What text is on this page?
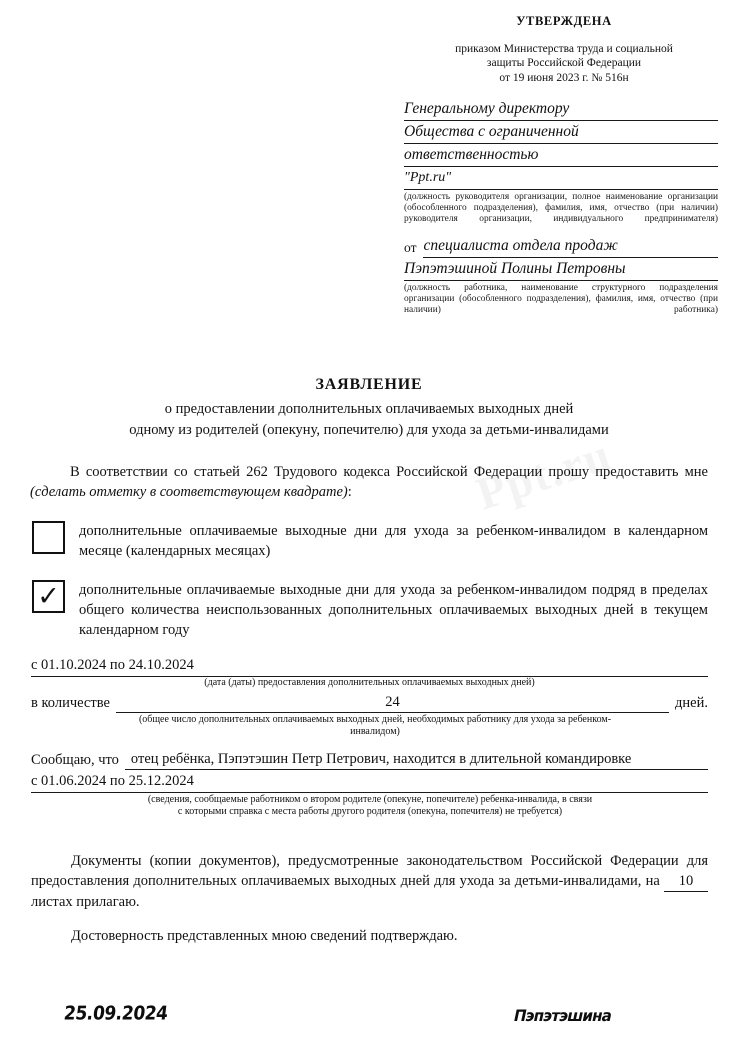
Ppt.ru
УТВЕРЖДЕНА
приказом Министерства труда и социальной
защиты Российской Федерации
от 19 июня 2023 г. № 516н
Генеральному директору
Общества с ограниченной
ответственностью
"Ppt.ru"
(должность руководителя организации, полное наименование организации (обособленного подразделения), фамилия, имя, отчество (при наличии) руководителя организации, индивидуального предпринимателя)
от специалиста отдела продаж
Пэпэтэшиной Полины Петровны
(должность работника, наименование структурного подразделения организации (обособленного подразделения), фамилия, имя, отчество (при наличии) работника)
ЗАЯВЛЕНИЕ
о предоставлении дополнительных оплачиваемых выходных дней
одному из родителей (опекуну, попечителю) для ухода за детьми-инвалидами
В соответствии со статьей 262 Трудового кодекса Российской Федерации прошу предоставить мне (сделать отметку в соответствующем квадрате):
дополнительные оплачиваемые выходные дни для ухода за ребенком-инвалидом в календарном месяце (календарных месяцах)
✓ дополнительные оплачиваемые выходные дни для ухода за ребенком-инвалидом подряд в пределах общего количества неиспользованных дополнительных оплачиваемых выходных дней в текущем календарном году
с 01.10.2024 по 24.10.2024
(дата (даты) предоставления дополнительных оплачиваемых выходных дней)
в количестве	24	дней.
(общее число дополнительных оплачиваемых выходных дней, необходимых работнику для ухода за ребенком-
инвалидом)
Сообщаю, что отец ребёнка, Пэпэтэшин Петр Петрович, находится в длительной командировке
с 01.06.2024 по 25.12.2024
(сведения, сообщаемые работником о втором родителе (опекуне, попечителе) ребенка-инвалида, в связи
с которыми справка с места работы другого родителя (опекуна, попечителя) не требуется)
Документы (копии документов), предусмотренные законодательством Российской Федерации для предоставления дополнительных оплачиваемых выходных дней для ухода за детьми-инвалидами, на 10 листах прилагаю.
Достоверность представленных мною сведений подтверждаю.
25.09.2024	Пэпэтэшина
